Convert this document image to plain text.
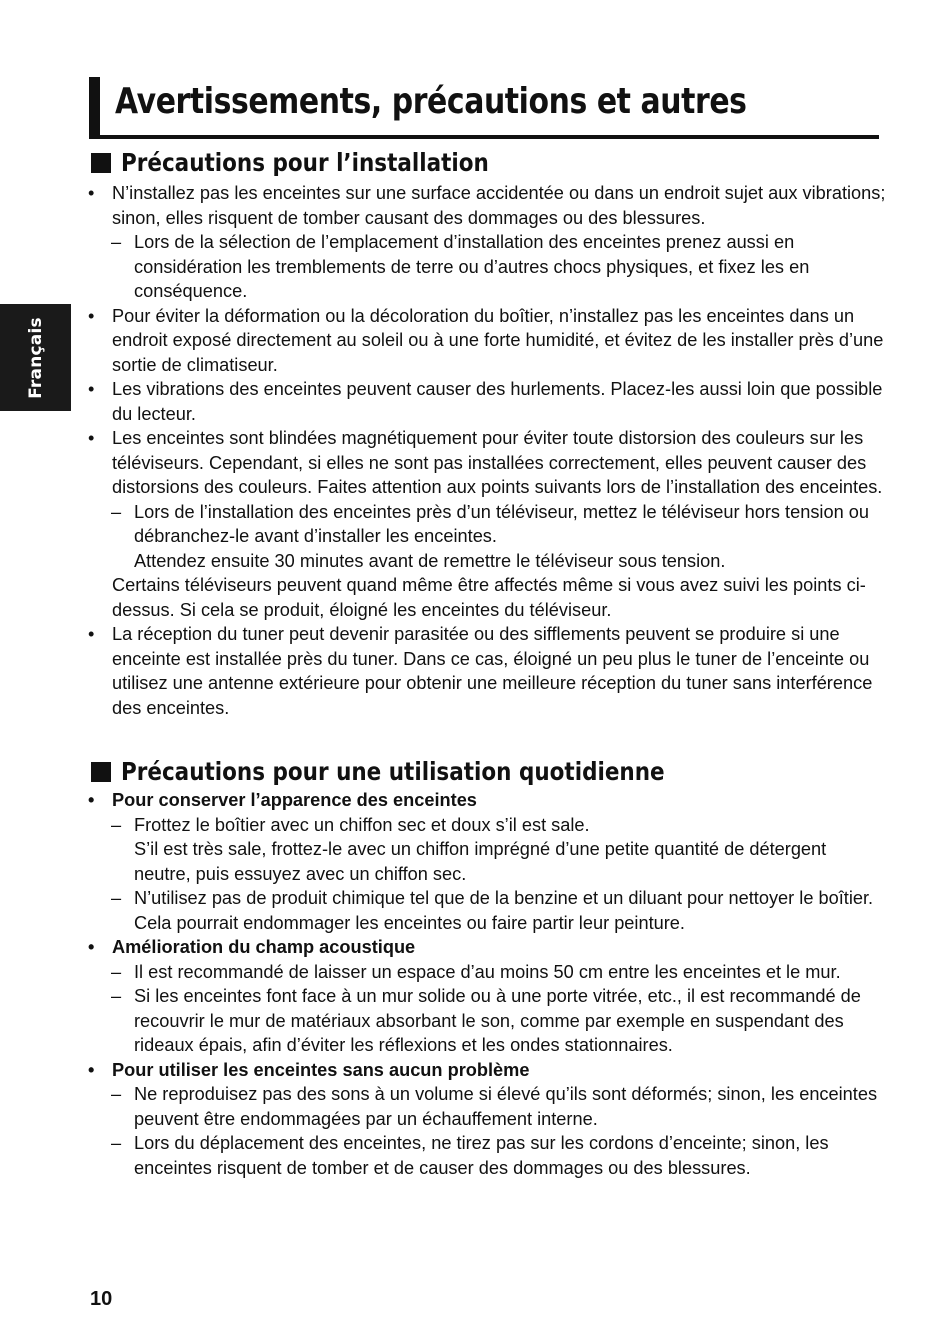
Français
Avertissements, précautions et autres
Précautions pour l’installation
• N’installez pas les enceintes sur une surface accidentée ou dans un endroit sujet aux vibrations; sinon, elles risquent de tomber causant des dommages ou des blessures.
– Lors de la sélection de l’emplacement d’installation des enceintes prenez aussi en considération les tremblements de terre ou d’autres chocs physiques, et fixez les en conséquence.
• Pour éviter la déformation ou la décoloration du boîtier, n’installez pas les enceintes dans un endroit exposé directement au soleil ou à une forte humidité, et évitez de les installer près d’une sortie de climatiseur.
• Les vibrations des enceintes peuvent causer des hurlements. Placez-les aussi loin que possible du lecteur.
• Les enceintes sont blindées magnétiquement pour éviter toute distorsion des couleurs sur les téléviseurs. Cependant, si elles ne sont pas installées correctement, elles peuvent causer des distorsions des couleurs. Faites attention aux points suivants lors de l’installation des enceintes.
– Lors de l’installation des enceintes près d’un téléviseur, mettez le téléviseur hors tension ou débranchez-le avant d’installer les enceintes.
Attendez ensuite 30 minutes avant de remettre le téléviseur sous tension.
Certains téléviseurs peuvent quand même être affectés même si vous avez suivi les points ci-dessus. Si cela se produit, éloigné les enceintes du téléviseur.
• La réception du tuner peut devenir parasitée ou des sifflements peuvent se produire si une enceinte est installée près du tuner. Dans ce cas, éloigné un peu plus le tuner de l’enceinte ou utilisez une antenne extérieure pour obtenir une meilleure réception du tuner sans interférence des enceintes.
Précautions pour une utilisation quotidienne
• Pour conserver l’apparence des enceintes
– Frottez le boîtier avec un chiffon sec et doux s’il est sale.
S’il est très sale, frottez-le avec un chiffon imprégné d’une petite quantité de détergent neutre, puis essuyez avec un chiffon sec.
– N’utilisez pas de produit chimique tel que de la benzine et un diluant pour nettoyer le boîtier. Cela pourrait endommager les enceintes ou faire partir leur peinture.
• Amélioration du champ acoustique
– Il est recommandé de laisser un espace d’au moins 50 cm entre les enceintes et le mur.
– Si les enceintes font face à un mur solide ou à une porte vitrée, etc., il est recommandé de recouvrir le mur de matériaux absorbant le son, comme par exemple en suspendant des rideaux épais, afin d’éviter les réflexions et les ondes stationnaires.
• Pour utiliser les enceintes sans aucun problème
– Ne reproduisez pas des sons à un volume si élevé qu’ils sont déformés; sinon, les enceintes peuvent être endommagées par un échauffement interne.
– Lors du déplacement des enceintes, ne tirez pas sur les cordons d’enceinte; sinon, les enceintes risquent de tomber et de causer des dommages ou des blessures.
10
